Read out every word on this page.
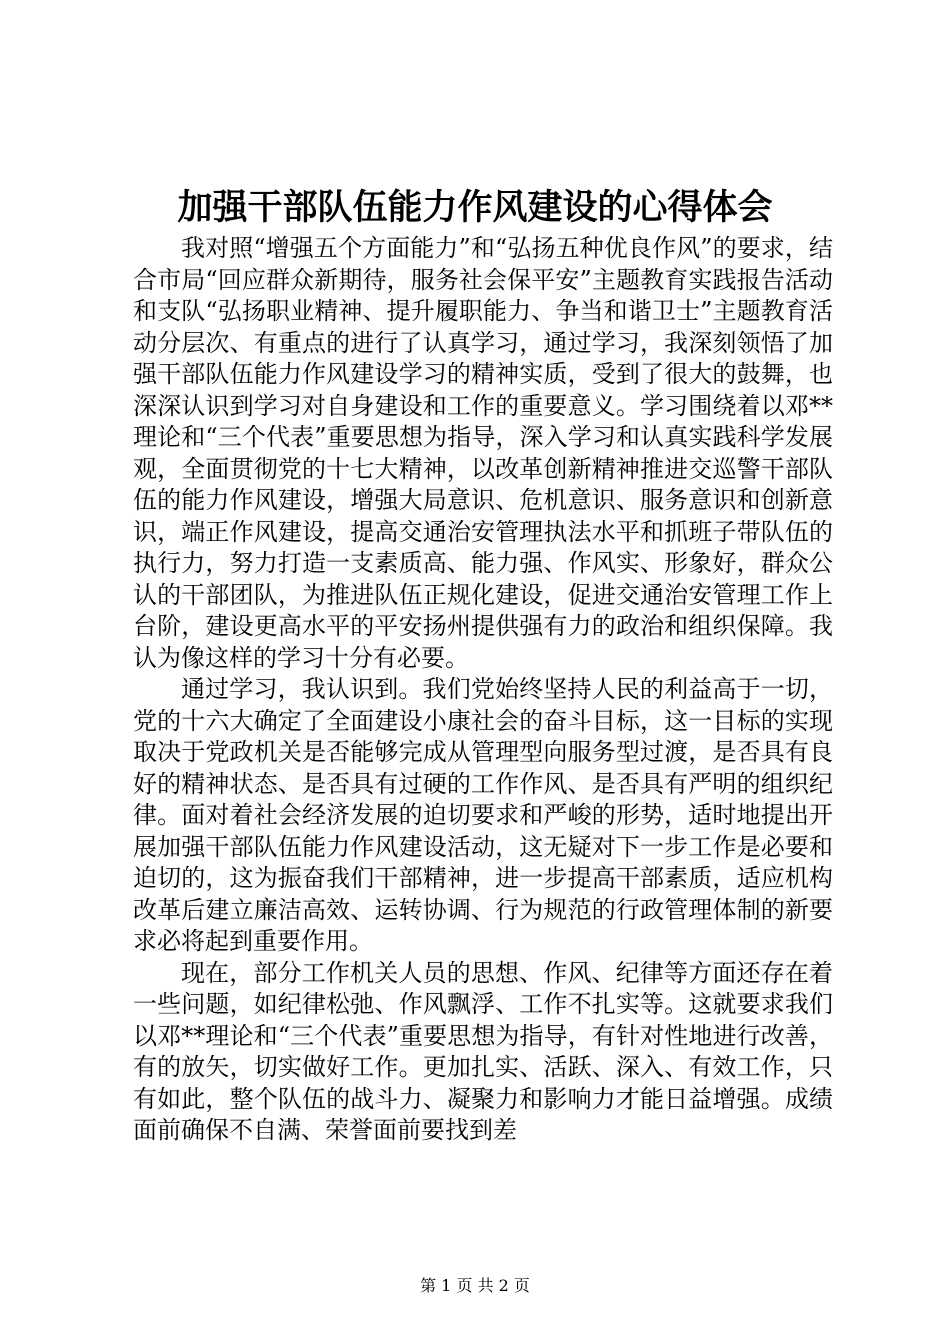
加强干部队伍能力作风建设的心得体会

我对照“增强五个方面能力”和“弘扬五种优良作风”的要求，结合市局“回应群众新期待，服务社会保平安”主题教育实践报告活动和支队“弘扬职业精神、提升履职能力、争当和谐卫士”主题教育活动分层次、有重点的进行了认真学习，通过学习，我深刻领悟了加强干部队伍能力作风建设学习的精神实质，受到了很大的鼓舞，也深深认识到学习对自身建设和工作的重要意义。学习围绕着以邓**理论和“三个代表”重要思想为指导，深入学习和认真实践科学发展观，全面贯彻党的十七大精神，以改革创新精神推进交巡警干部队伍的能力作风建设，增强大局意识、危机意识、服务意识和创新意识，端正作风建设，提高交通治安管理执法水平和抓班子带队伍的执行力，努力打造一支素质高、能力强、作风实、形象好，群众公认的干部团队，为推进队伍正规化建设，促进交通治安管理工作上台阶，建设更高水平的平安扬州提供强有力的政治和组织保障。我认为像这样的学习十分有必要。

通过学习，我认识到。我们党始终坚持人民的利益高于一切，党的十六大确定了全面建设小康社会的奋斗目标，这一目标的实现取决于党政机关是否能够完成从管理型向服务型过渡，是否具有良好的精神状态、是否具有过硬的工作作风、是否具有严明的组织纪律。面对着社会经济发展的迫切要求和严峻的形势，适时地提出开展加强干部队伍能力作风建设活动，这无疑对下一步工作是必要和迫切的，这为振奋我们干部精神，进一步提高干部素质，适应机构改革后建立廉洁高效、运转协调、行为规范的行政管理体制的新要求必将起到重要作用。

现在，部分工作机关人员的思想、作风、纪律等方面还存在着一些问题，如纪律松弛、作风飘浮、工作不扎实等。这就要求我们以邓**理论和“三个代表”重要思想为指导，有针对性地进行改善，有的放矢，切实做好工作。更加扎实、活跃、深入、有效工作，只有如此，整个队伍的战斗力、凝聚力和影响力才能日益增强。成绩面前确保不自满、荣誉面前要找到差

第 1 页 共 2 页
